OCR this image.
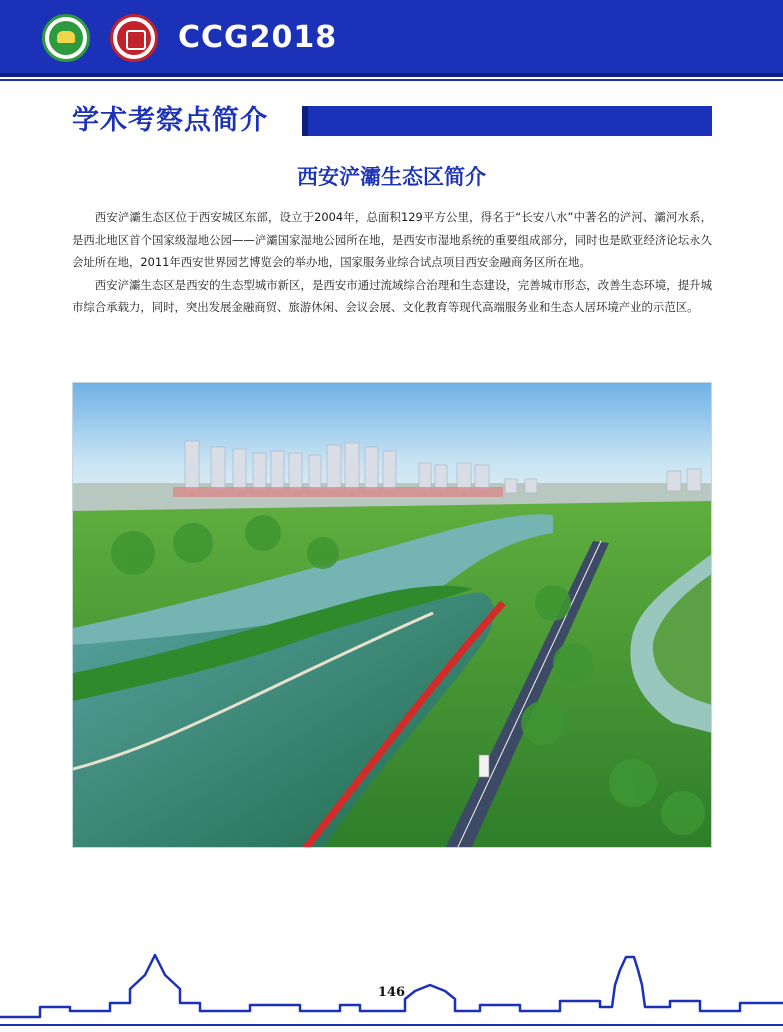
CCG2018
学术考察点简介
西安浐灞生态区简介

西安浐灞生态区位于西安城区东部，设立于2004年，总面积129平方公里，得名于“长安八水”中著名的浐河、灞河水系，是西北地区首个国家级湿地公园——浐灞国家湿地公园所在地，是西安市湿地系统的重要组成部分，同时也是欧亚经济论坛永久会址所在地，2011年西安世界园艺博览会的举办地，国家服务业综合试点项目西安金融商务区所在地。

西安浐灞生态区是西安的生态型城市新区，是西安市通过流域综合治理和生态建设，完善城市形态，改善生态环境，提升城市综合承载力，同时，突出发展金融商贸、旅游休闲、会议会展、文化教育等现代高端服务业和生态人居环境产业的示范区。

146
